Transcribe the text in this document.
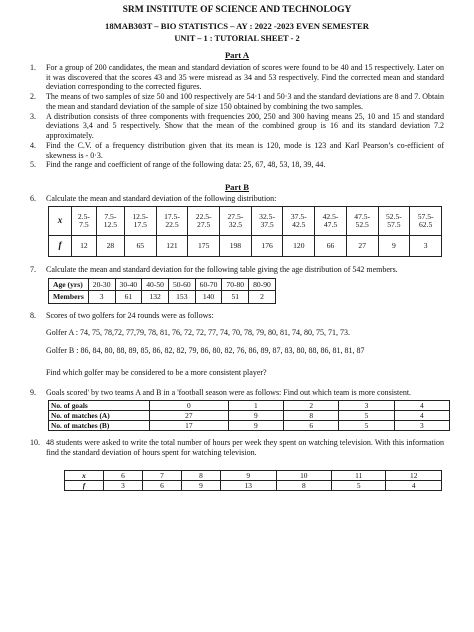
SRM INSTITUTE OF SCIENCE AND TECHNOLOGY
18MAB303T – BIO STATISTICS – AY : 2022 -2023 EVEN SEMESTER
UNIT – 1 : TUTORIAL SHEET - 2
Part A
1. For a group of 200 candidates, the mean and standard deviation of scores were found to be 40 and 15 respectively. Later on it was discovered that the scores 43 and 35 were misread as 34 and 53 respectively. Find the corrected mean and standard deviation corresponding to the corrected figures.
2. The means of two samples of size 50 and 100 respectively are 54·1 and 50·3 and the standard deviations are 8 and 7. Obtain the mean and standard deviation of the sample of size 150 obtained by combining the two samples.
3. A distribution consists of three components with frequencies 200, 250 and 300 having means 25, 10 and 15 and standard deviations 3,4 and 5 respectively. Show that the mean of the combined group is 16 and its standard deviation 7.2 approximately.
4. Find the C.V. of a frequency distribution given that its mean is 120, mode is 123 and Karl Pearson’s co-efficient of skewness is - 0·3.
5. Find the range and coefficient of range of the following data: 25, 67, 48, 53, 18, 39, 44.
Part B
6. Calculate the mean and standard deviation of the following distribution:
x	2.5-7.5	7.5-12.5	12.5-17.5	17.5-22.5	22.5-27.5	27.5-32.5	32.5-37.5	37.5-42.5	42.5-47.5	47.5-52.5	52.5-57.5	57.5-62.5
f	12	28	65	121	175	198	176	120	66	27	9	3
7. Calculate the mean and standard deviation for the following table giving the age distribution of 542 members.
Age (yrs)	20-30	30-40	40-50	50-60	60-70	70-80	80-90
Members	3	61	132	153	140	51	2
8. Scores of two golfers for 24 rounds were as follows:
Golfer A : 74, 75, 78,72, 77,79, 78, 81, 76, 72, 72, 77, 74, 70, 78, 79, 80, 81, 74, 80, 75, 71, 73.
Golfer B : 86, 84, 80, 88, 89, 85, 86, 82, 82, 79, 86, 80, 82, 76, 86, 89, 87, 83, 80, 88, 86, 81, 81, 87
Find which golfer may be considered to be a more consistent player?
9. Goals scored' by two teams A and B in a 'football season were as follows: Find out which team is more consistent.
No. of goals	0	1	2	3	4
No. of matches (A)	27	9	8	5	4
No. of matches (B)	17	9	6	5	3
10. 48 students were asked to write the total number of hours per week they spent on watching television. With this information find the standard deviation of hours spent for watching television.
x	6	7	8	9	10	11	12
f	3	6	9	13	8	5	4
